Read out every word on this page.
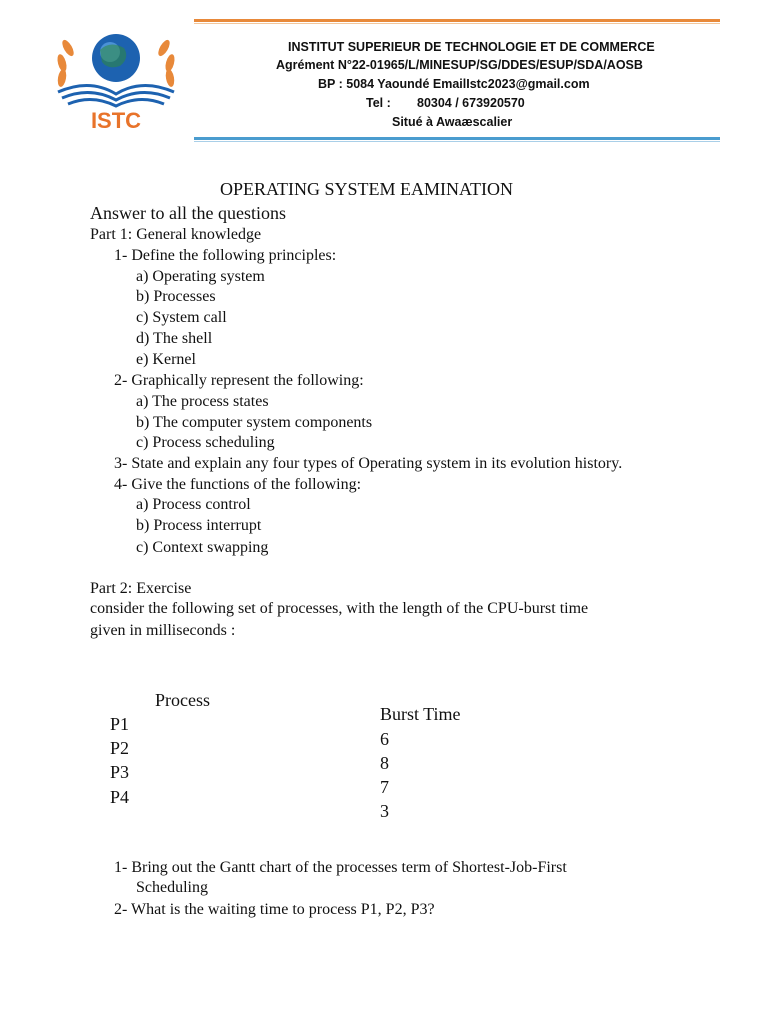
ISTC
INSTITUT SUPERIEUR DE TECHNOLOGIE ET DE COMMERCE
Agrément N°22-01965/L/MINESUP/SG/DDES/ESUP/SDA/AOSB
BP : 5084 Yaoundé EmailIstc2023@gmail.com
Tel : 80304 / 673920570
Situé à Awaæscalier
OPERATING SYSTEM EAMINATION
Answer to all the questions
Part 1: General knowledge
1- Define the following principles:
a) Operating system
b) Processes
c) System call
d) The shell
e) Kernel
2- Graphically represent the following:
a) The process states
b) The computer system components
c) Process scheduling
3- State and explain any four types of Operating system in its evolution history.
4- Give the functions of the following:
a) Process control
b) Process interrupt
c) Context swapping
Part 2: Exercise
consider the following set of processes, with the length of the CPU-burst time
given in milliseconds :
Process
Burst Time
P1
P2
P3
P4
6
8
7
3
1- Bring out the Gantt chart of the processes term of Shortest-Job-First
Scheduling
2- What is the waiting time to process P1, P2, P3?
